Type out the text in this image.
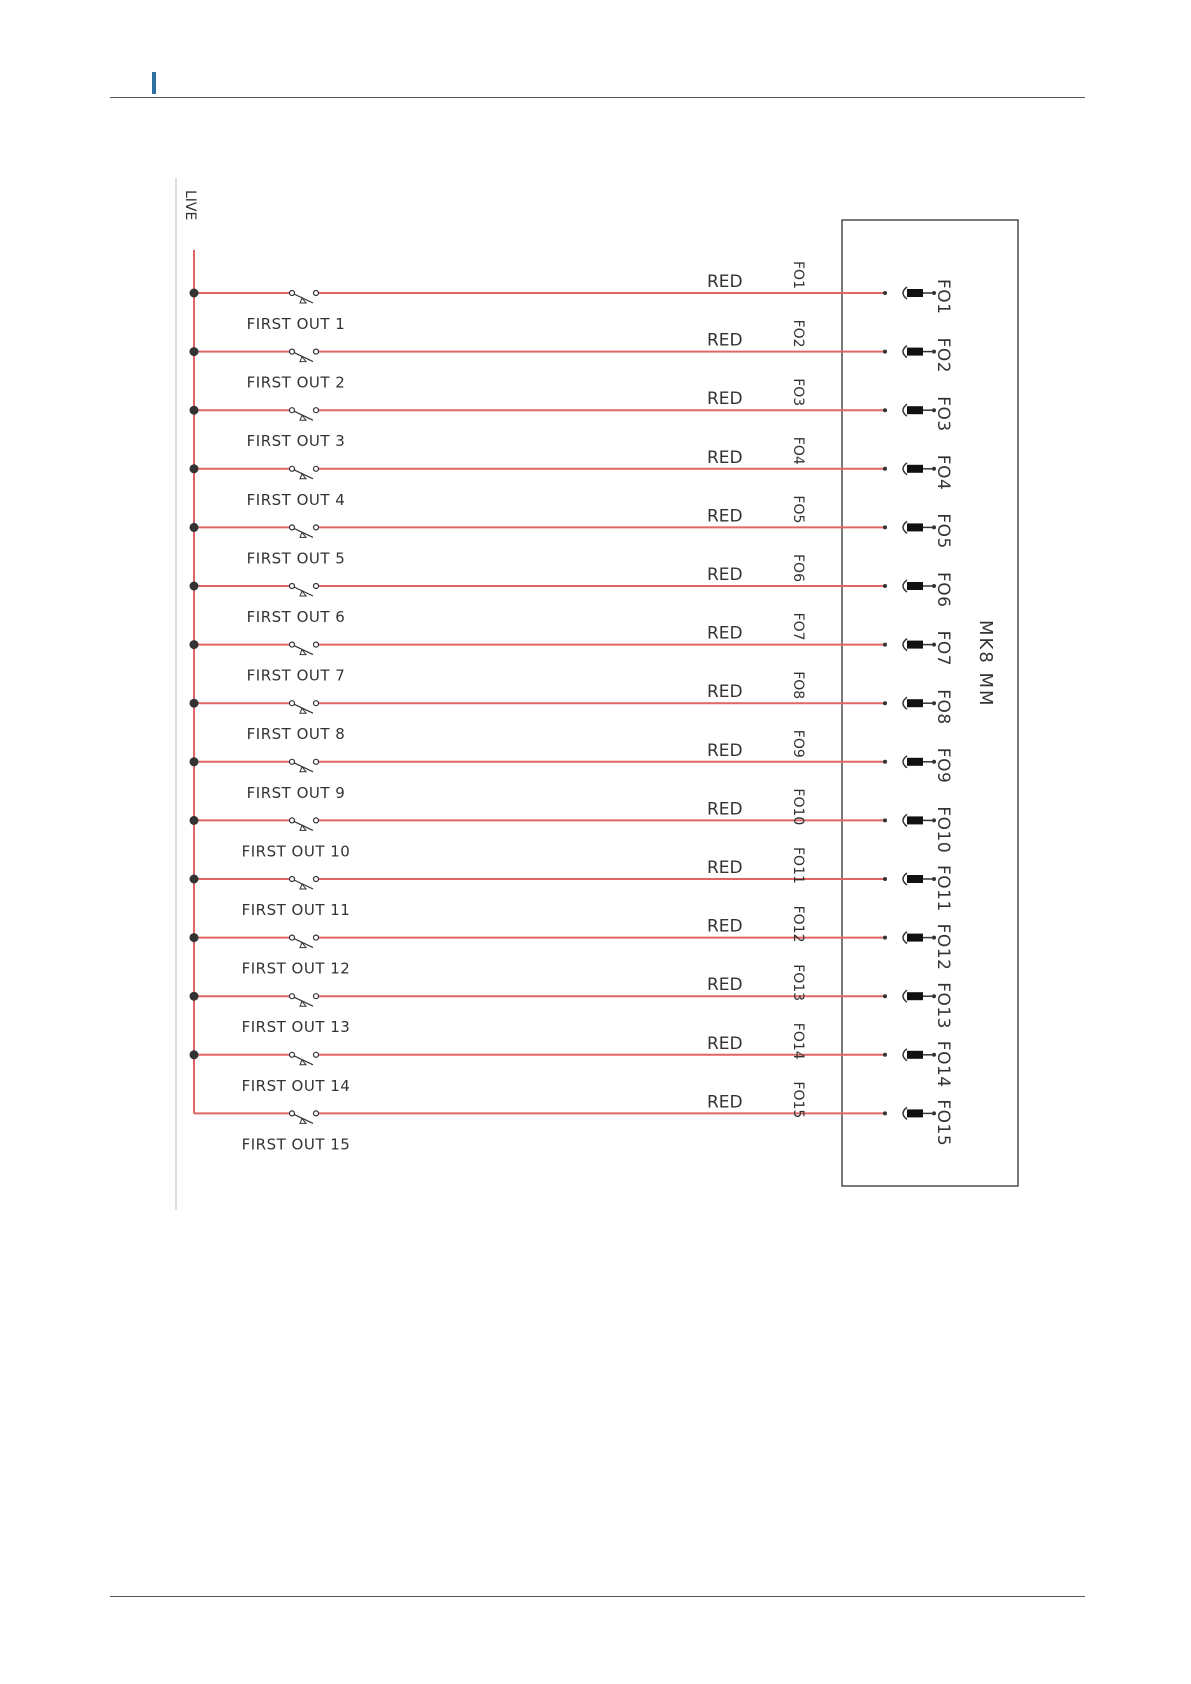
LIVE
MK8 MM
FIRST OUT 1
RED	FO1
FO1
FIRST OUT 2
RED	FO2
FO2
FIRST OUT 3
RED	FO3
FO3
FIRST OUT 4
RED	FO4
FO4
FIRST OUT 5
RED	FO5
FO5
FIRST OUT 6
RED	FO6
FO6
FIRST OUT 7
RED	FO7
FO7
FIRST OUT 8
RED	FO8
FO8
FIRST OUT 9
RED	FO9
FO9
FIRST OUT 10
RED	FO10	FO10
FIRST OUT 11
RED	FO11	FO11
FIRST OUT 12
RED	FO12	FO12
FIRST OUT 13
RED	FO13	FO13
FIRST OUT 14
RED	FO14	FO14
FIRST OUT 15
RED	FO15	FO15
